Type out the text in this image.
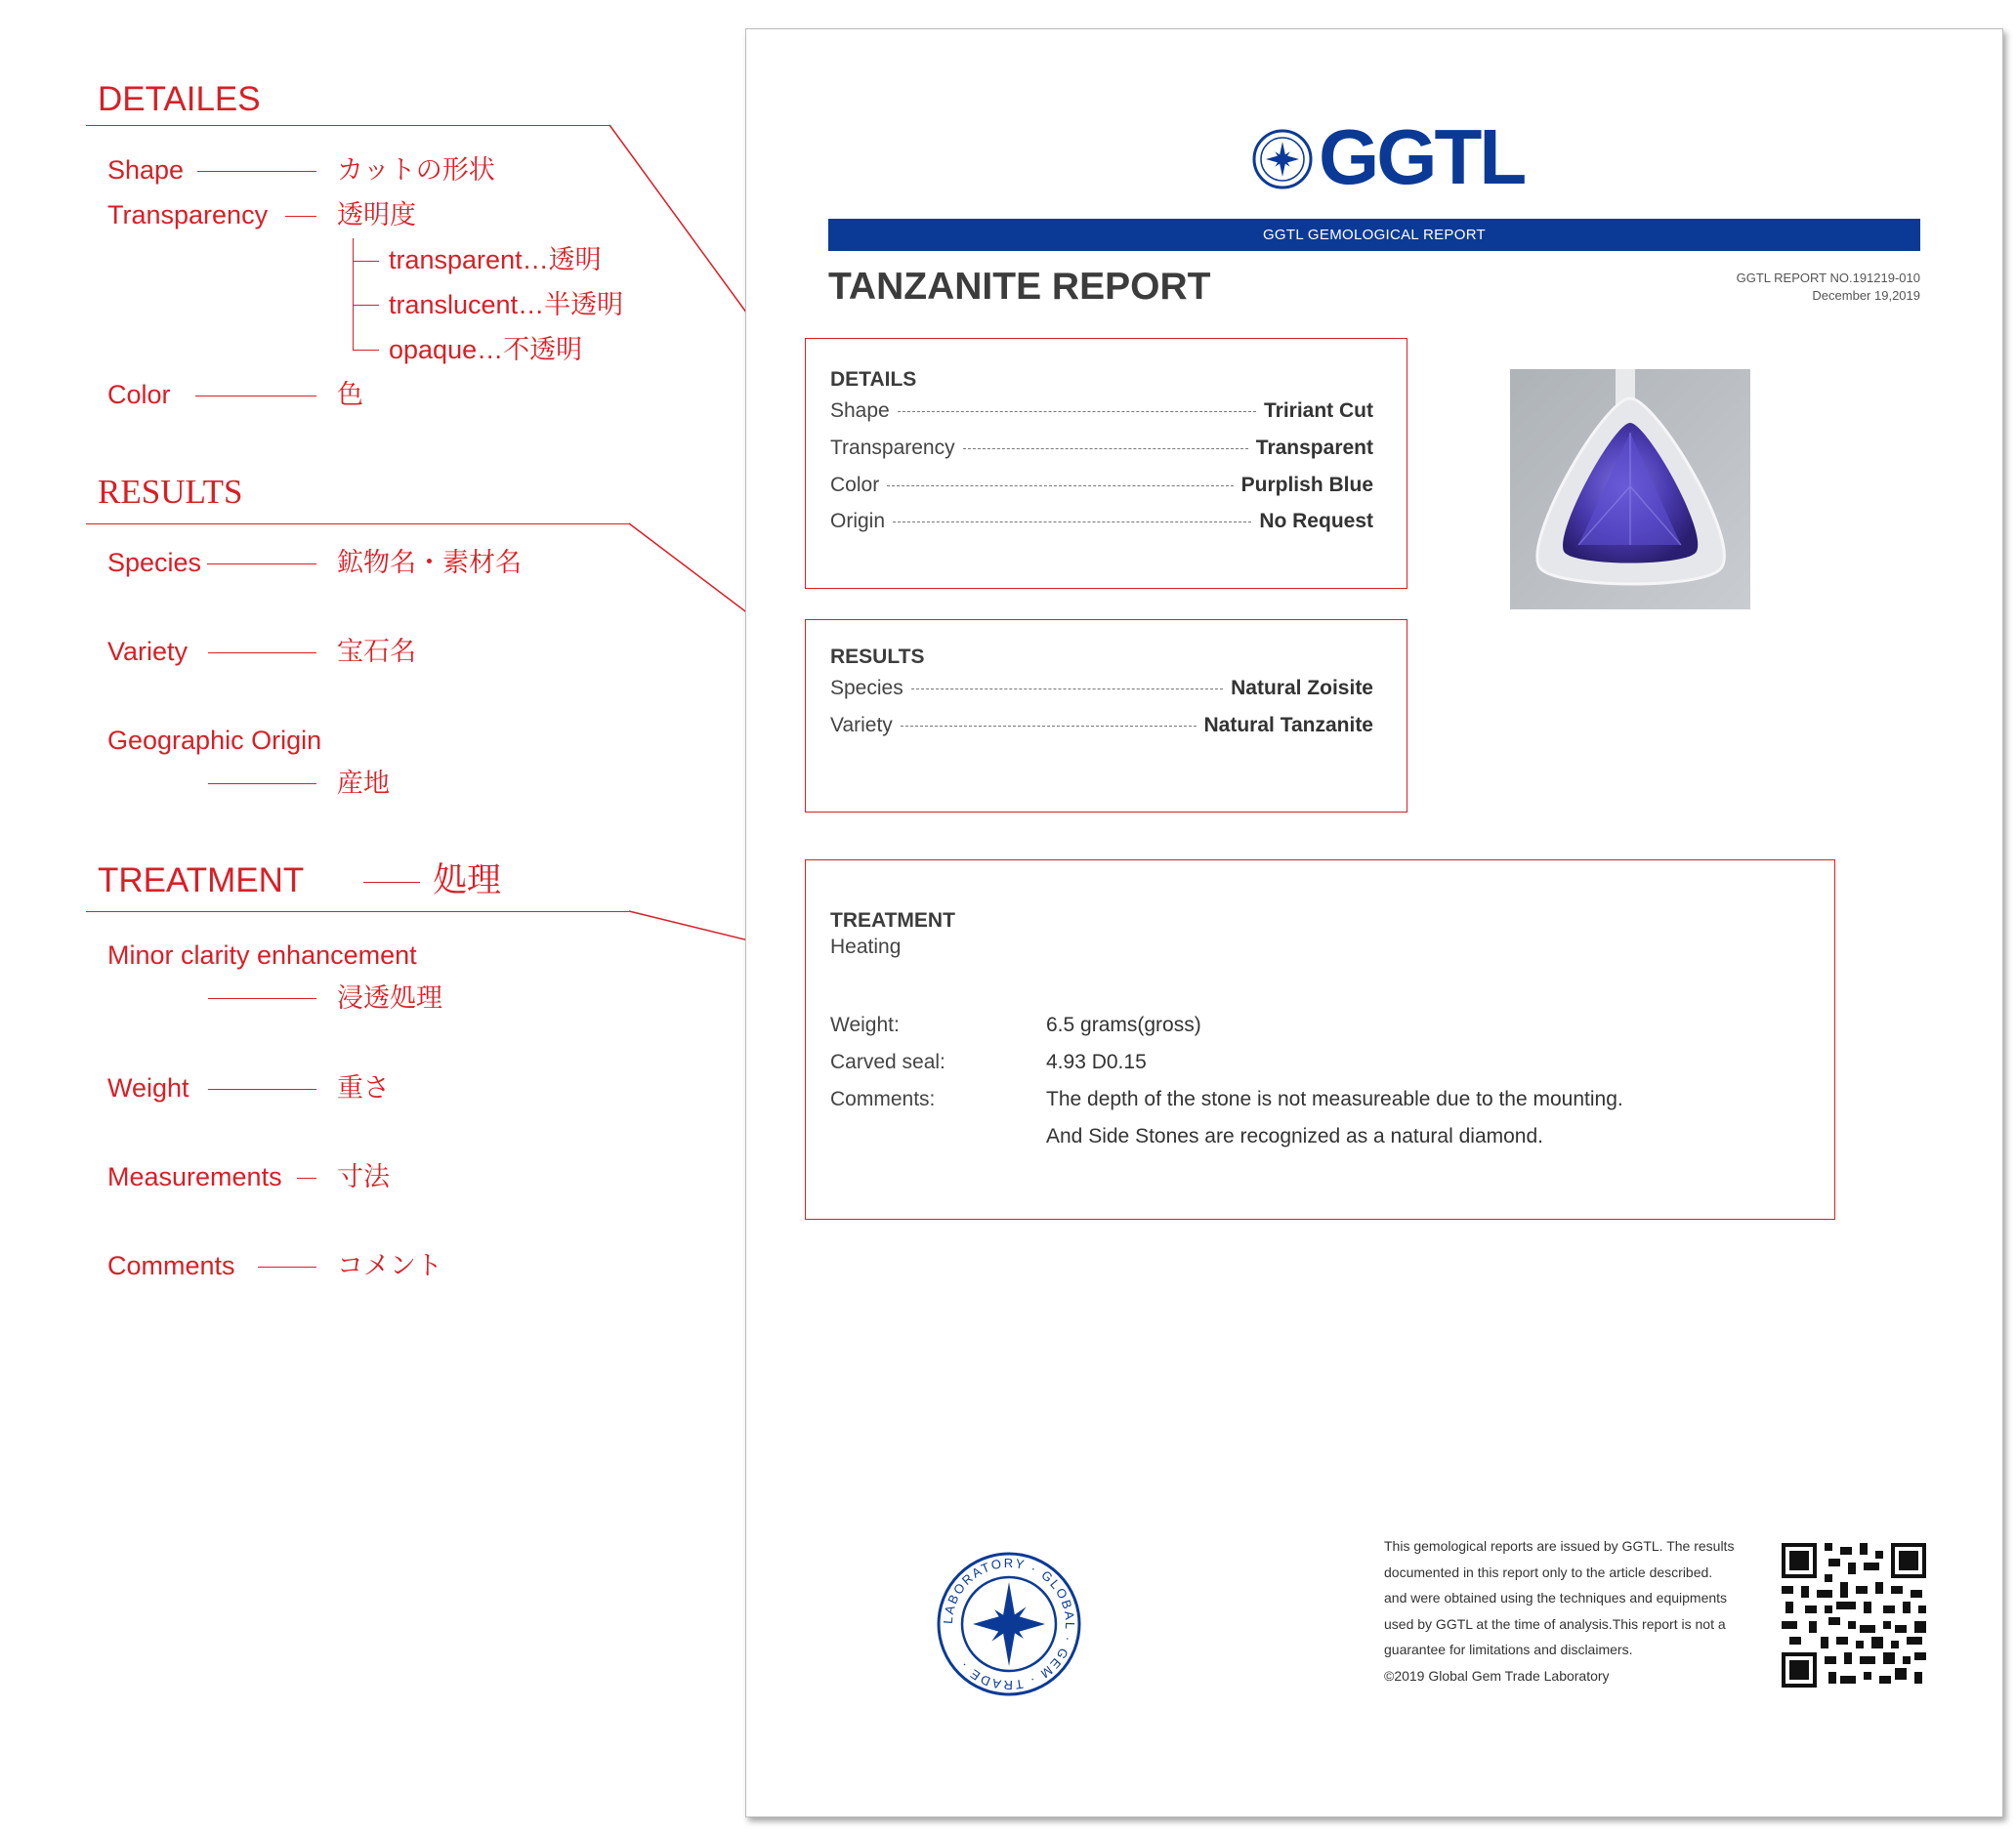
DETAILES
Shape	カットの形状
Transparency	透明度
transparent…透明
translucent…半透明
opaque…不透明
Color	色
RESULTS
Species	鉱物名・素材名
Variety	宝石名
Geographic Origin
産地
TREATMENT	処理
Minor clarity enhancement
浸透処理
Weight	重さ
Measurements 寸法
Comments	コメント
GGTL
GGTL GEMOLOGICAL REPORT
TANZANITE REPORT	GGTL REPORT NO.191219-010
December 19,2019
DETAILS
Shape	Tririant Cut
Transparency	Transparent
Color	Purplish Blue
Origin	No Request
RESULTS
Species	Natural Zoisite
Variety	Natural Tanzanite
TREATMENT
Heating
Weight:	6.5 grams(gross)
Carved seal:	4.93 D0.15
Comments:	The depth of the stone is not measureable due to the mounting.
And Side Stones are recognized as a natural diamond.
LABORATORY · GLOBAL · GEM · TRADE ·
This gemological reports are issued by GGTL. The results
documented in this report only to the article described.
and were obtained using the techniques and equipments
used by GGTL at the time of analysis.This report is not a
guarantee for limitations and disclaimers.
©2019 Global Gem Trade Laboratory
